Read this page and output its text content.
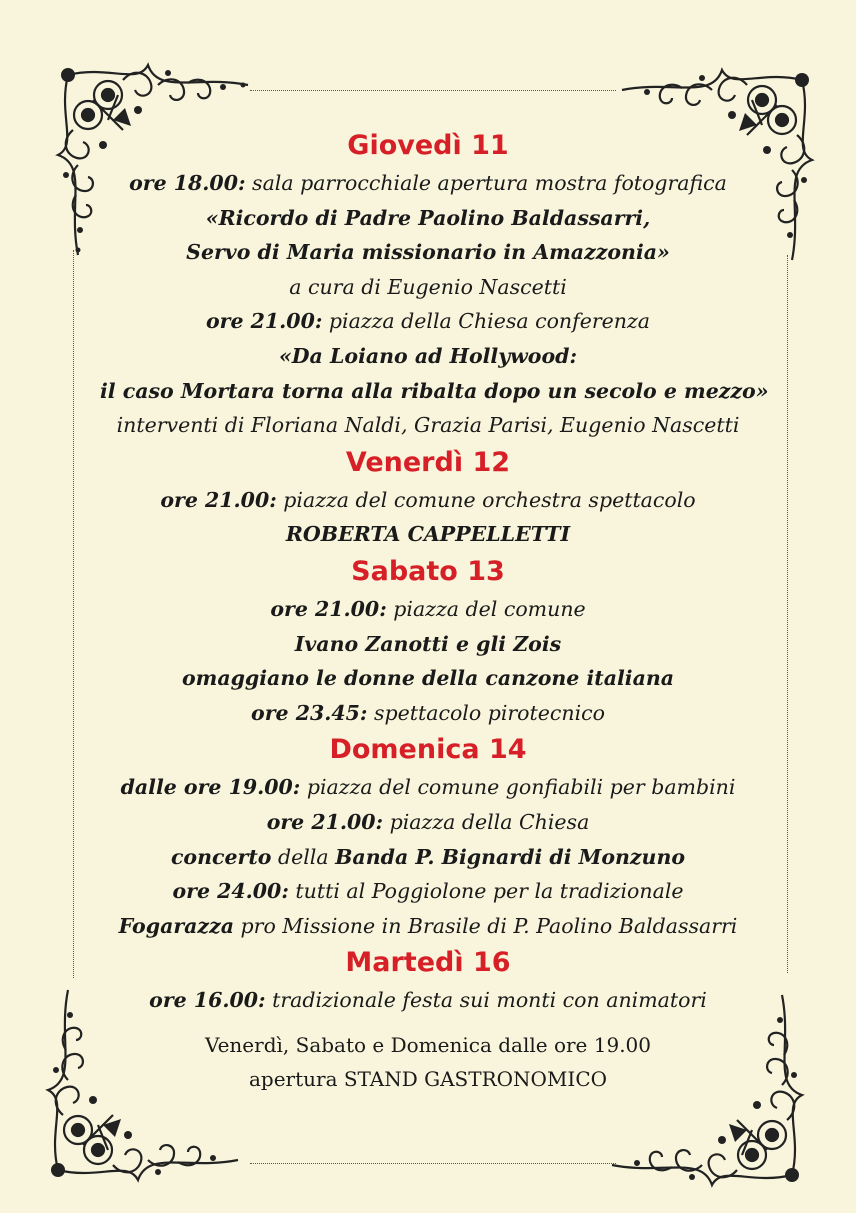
Giovedì 11
ore 18.00: sala parrocchiale apertura mostra fotografica
«Ricordo di Padre Paolino Baldassarri,
Servo di Maria missionario in Amazzonia»
a cura di Eugenio Nascetti
ore 21.00: piazza della Chiesa conferenza
«Da Loiano ad Hollywood:
il caso Mortara torna alla ribalta dopo un secolo e mezzo»
interventi di Floriana Naldi, Grazia Parisi, Eugenio Nascetti
Venerdì 12
ore 21.00: piazza del comune orchestra spettacolo
ROBERTA CAPPELLETTI
Sabato 13
ore 21.00: piazza del comune
Ivano Zanotti e gli Zois
omaggiano le donne della canzone italiana
ore 23.45: spettacolo pirotecnico
Domenica 14
dalle ore 19.00: piazza del comune gonfiabili per bambini
ore 21.00: piazza della Chiesa
concerto della Banda P. Bignardi di Monzuno
ore 24.00: tutti al Poggiolone per la tradizionale
Fogarazza pro Missione in Brasile di P. Paolino Baldassarri
Martedì 16
ore 16.00: tradizionale festa sui monti con animatori
Venerdì, Sabato e Domenica dalle ore 19.00
apertura STAND GASTRONOMICO
